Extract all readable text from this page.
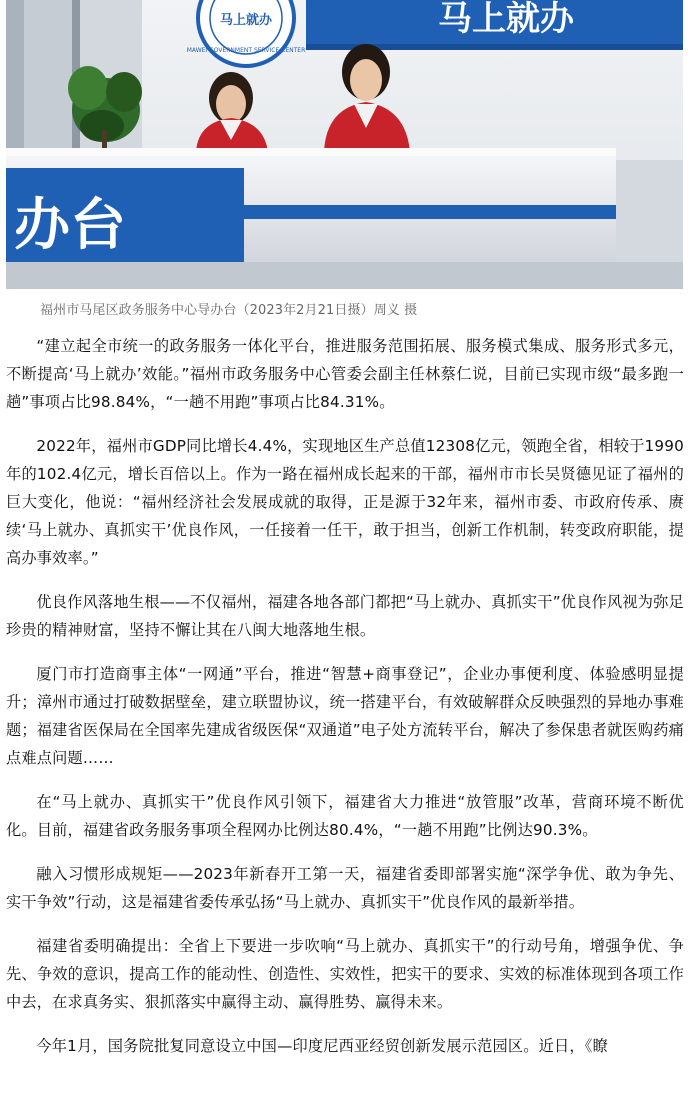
马上就办
MAWEI GOVERNMENT SERVICE CENTER
马上就办
办台
福州市马尾区政务服务中心导办台（2023年2月21日摄）周义 摄

“建立起全市统一的政务服务一体化平台，推进服务范围拓展、服务模式集成、服务形式多元，不断提高‘马上就办’效能。”福州市政务服务中心管委会副主任林蔡仁说，目前已实现市级“最多跑一趟”事项占比98.84%，“一趟不用跑”事项占比84.31%。

2022年，福州市GDP同比增长4.4%，实现地区生产总值12308亿元，领跑全省，相较于1990年的102.4亿元，增长百倍以上。作为一路在福州成长起来的干部，福州市市长吴贤德见证了福州的巨大变化，他说：“福州经济社会发展成就的取得，正是源于32年来，福州市委、市政府传承、赓续‘马上就办、真抓实干’优良作风，一任接着一任干，敢于担当，创新工作机制，转变政府职能，提高办事效率。”

优良作风落地生根——不仅福州，福建各地各部门都把“马上就办、真抓实干”优良作风视为弥足珍贵的精神财富，坚持不懈让其在八闽大地落地生根。

厦门市打造商事主体“一网通”平台，推进“智慧+商事登记”，企业办事便利度、体验感明显提升；漳州市通过打破数据壁垒，建立联盟协议，统一搭建平台，有效破解群众反映强烈的异地办事难题；福建省医保局在全国率先建成省级医保“双通道”电子处方流转平台，解决了参保患者就医购药痛点难点问题……

在“马上就办、真抓实干”优良作风引领下，福建省大力推进“放管服”改革，营商环境不断优化。目前，福建省政务服务事项全程网办比例达80.4%，“一趟不用跑”比例达90.3%。

融入习惯形成规矩——2023年新春开工第一天，福建省委即部署实施“深学争优、敢为争先、实干争效”行动，这是福建省委传承弘扬“马上就办、真抓实干”优良作风的最新举措。

福建省委明确提出：全省上下要进一步吹响“马上就办、真抓实干”的行动号角，增强争优、争先、争效的意识，提高工作的能动性、创造性、实效性，把实干的要求、实效的标准体现到各项工作中去，在求真务实、狠抓落实中赢得主动、赢得胜势、赢得未来。

今年1月，国务院批复同意设立中国—印度尼西亚经贸创新发展示范园区。近日，《瞭
